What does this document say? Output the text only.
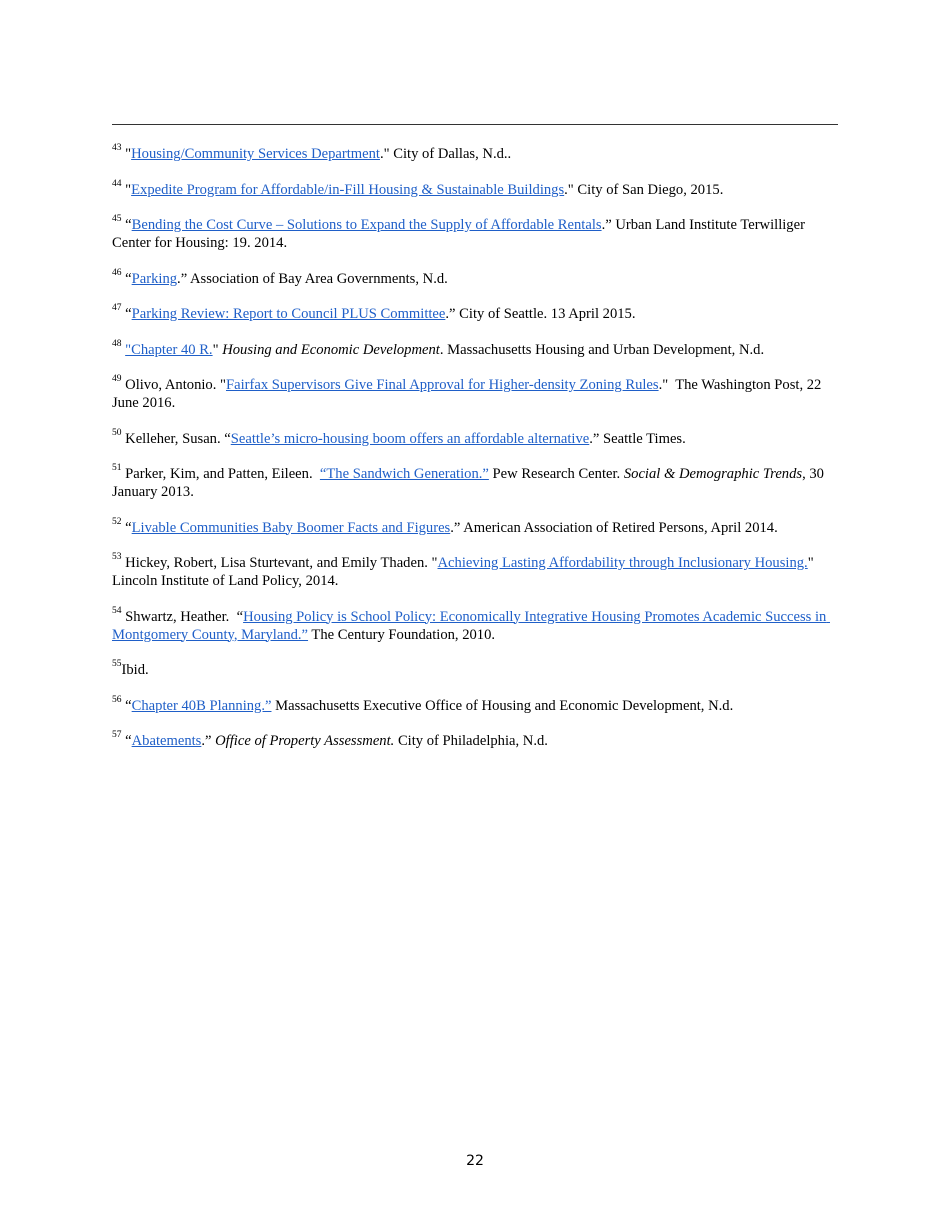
$^{43}$ "Housing/Community Services Department." City of Dallas, N.d..

$^{44}$ "Expedite Program for Affordable/in-Fill Housing & Sustainable Buildings." City of San Diego, 2015.

$^{45}$ “Bending the Cost Curve – Solutions to Expand the Supply of Affordable Rentals.” Urban Land Institute Terwilliger Center for Housing: 19. 2014.

$^{46}$ “Parking.” Association of Bay Area Governments, N.d.

$^{47}$ “Parking Review: Report to Council PLUS Committee.” City of Seattle. 13 April 2015.

$^{48}$ "Chapter 40 R." Housing and Economic Development. Massachusetts Housing and Urban Development, N.d.

$^{49}$ Olivo, Antonio. "Fairfax Supervisors Give Final Approval for Higher-density Zoning Rules."  The Washington Post, 22 June 2016.

$^{50}$ Kelleher, Susan. “Seattle’s micro-housing boom offers an affordable alternative.” Seattle Times.

$^{51}$ Parker, Kim, and Patten, Eileen.  “The Sandwich Generation.” Pew Research Center. Social & Demographic Trends, 30 January 2013.

$^{52}$ “Livable Communities Baby Boomer Facts and Figures.” American Association of Retired Persons, April 2014.

$^{53}$ Hickey, Robert, Lisa Sturtevant, and Emily Thaden. "Achieving Lasting Affordability through Inclusionary Housing." Lincoln Institute of Land Policy, 2014.

$^{54}$ Shwartz, Heather.  “Housing Policy is School Policy: Economically Integrative Housing Promotes Academic Success in Montgomery County, Maryland.” The Century Foundation, 2010.

$^{55}$Ibid.

$^{56}$ “Chapter 40B Planning.” Massachusetts Executive Office of Housing and Economic Development, N.d.

$^{57}$ “Abatements.” Office of Property Assessment. City of Philadelphia, N.d.

22
